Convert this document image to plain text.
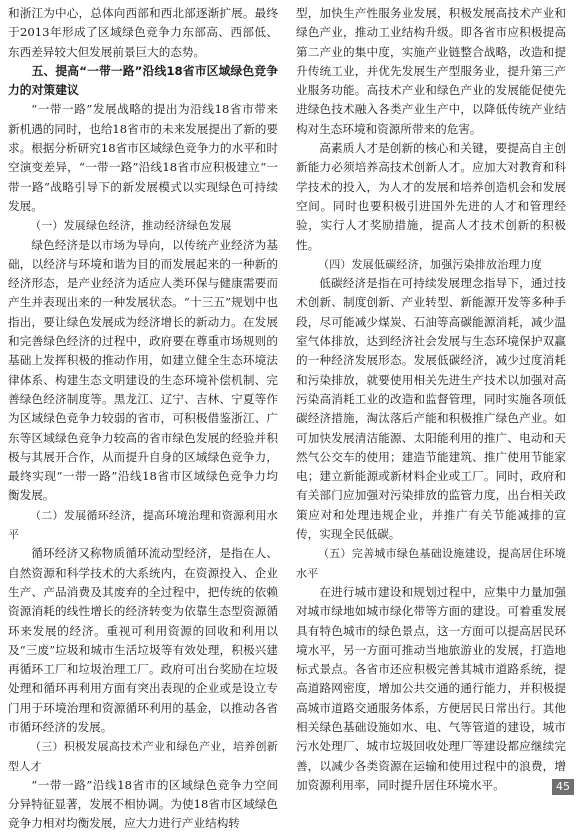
和浙江为中心，总体向西部和西北部逐渐扩展。最终于2013年形成了区域绿色竞争力东部高、西部低、东西差异较大但发展前景巨大的态势。

五、提高“一带一路”沿线18省市区域绿色竞争力的对策建议

“一带一路”发展战略的提出为沿线18省市带来新机遇的同时，也给18省市的未来发展提出了新的要求。根据分析研究18省市区域绿色竞争力的水平和时空演变差异，“一带一路”沿线18省市应积极建立“一带一路”战略引导下的新发展模式以实现绿色可持续发展。

（一）发展绿色经济，推动经济绿色发展

绿色经济是以市场为导向，以传统产业经济为基础，以经济与环境和谐为目的而发展起来的一种新的经济形态，是产业经济为适应人类环保与健康需要而产生并表现出来的一种发展状态。“十三五”规划中也指出，要让绿色发展成为经济增长的新动力。在发展和完善绿色经济的过程中，政府要在尊重市场规则的基础上发挥积极的推动作用，如建立健全生态环境法律体系、构建生态文明建设的生态环境补偿机制、完善绿色经济制度等。黑龙江、辽宁、吉林、宁夏等作为区域绿色竞争力较弱的省市，可积极借鉴浙江、广东等区域绿色竞争力较高的省市绿色发展的经验并积极与其展开合作，从而提升自身的区域绿色竞争力，最终实现“一带一路”沿线18省市区域绿色竞争力均衡发展。

（二）发展循环经济，提高环境治理和资源利用水平

循环经济又称物质循环流动型经济，是指在人、自然资源和科学技术的大系统内，在资源投入、企业生产、产品消费及其废弃的全过程中，把传统的依赖资源消耗的线性增长的经济转变为依靠生态型资源循环来发展的经济。重视可利用资源的回收和利用以及“三废”垃圾和城市生活垃圾等有效处理，积极兴建再循环工厂和垃圾治理工厂。政府可出台奖励在垃圾处理和循环再利用方面有突出表现的企业或是设立专门用于环境治理和资源循环利用的基金，以推动各省市循环经济的发展。

（三）积极发展高技术产业和绿色产业，培养创新型人才

“一带一路”沿线18省市的区域绿色竞争力空间分异特征显著，发展不相协调。为使18省市区域绿色竞争力相对均衡发展，应大力进行产业结构转

型，加快生产性服务业发展，积极发展高技术产业和绿色产业，推动工业结构升级。即各省市应积极提高第二产业的集中度，实施产业链整合战略，改造和提升传统工业，并优先发展生产型服务业，提升第三产业服务功能。高技术产业和绿色产业的发展能促使先进绿色技术融入各类产业生产中，以降低传统产业结构对生态环境和资源所带来的危害。

高素质人才是创新的核心和关键，要提高自主创新能力必须培养高技术创新人才。应加大对教育和科学技术的投入，为人才的发展和培养创造机会和发展空间。同时也要积极引进国外先进的人才和管理经验，实行人才奖励措施，提高人才技术创新的积极性。

（四）发展低碳经济，加强污染排放治理力度

低碳经济是指在可持续发展理念指导下，通过技术创新、制度创新、产业转型、新能源开发等多种手段，尽可能减少煤炭、石油等高碳能源消耗，减少温室气体排放，达到经济社会发展与生态环境保护双赢的一种经济发展形态。发展低碳经济，减少过度消耗和污染排放，就要使用相关先进生产技术以加强对高污染高消耗工业的改造和监督管理，同时实施各项低碳经济措施，淘汰落后产能和积极推广绿色产业。如可加快发展清洁能源、太阳能利用的推广、电动和天然气公交车的使用；建造节能建筑、推广使用节能家电；建立新能源或新材料企业或工厂。同时，政府和有关部门应加强对污染排放的监管力度，出台相关政策应对和处理违规企业，并推广有关节能减排的宣传，实现全民低碳。

（五）完善城市绿色基础设施建设，提高居住环境水平

在进行城市建设和规划过程中，应集中力量加强对城市绿地如城市绿化带等方面的建设。可着重发展具有特色城市的绿色景点，这一方面可以提高居民环境水平，另一方面可推动当地旅游业的发展，打造地标式景点。各省市还应积极完善其城市道路系统，提高道路网密度，增加公共交通的通行能力，并积极提高城市道路交通服务体系，方便居民日常出行。其他相关绿色基础设施如水、电、气等管道的建设，城市污水处理厂、城市垃圾回收处理厂等建设都应继续完善，以减少各类资源在运输和使用过程中的浪费，增加资源利用率，同时提升居住环境水平。	45
